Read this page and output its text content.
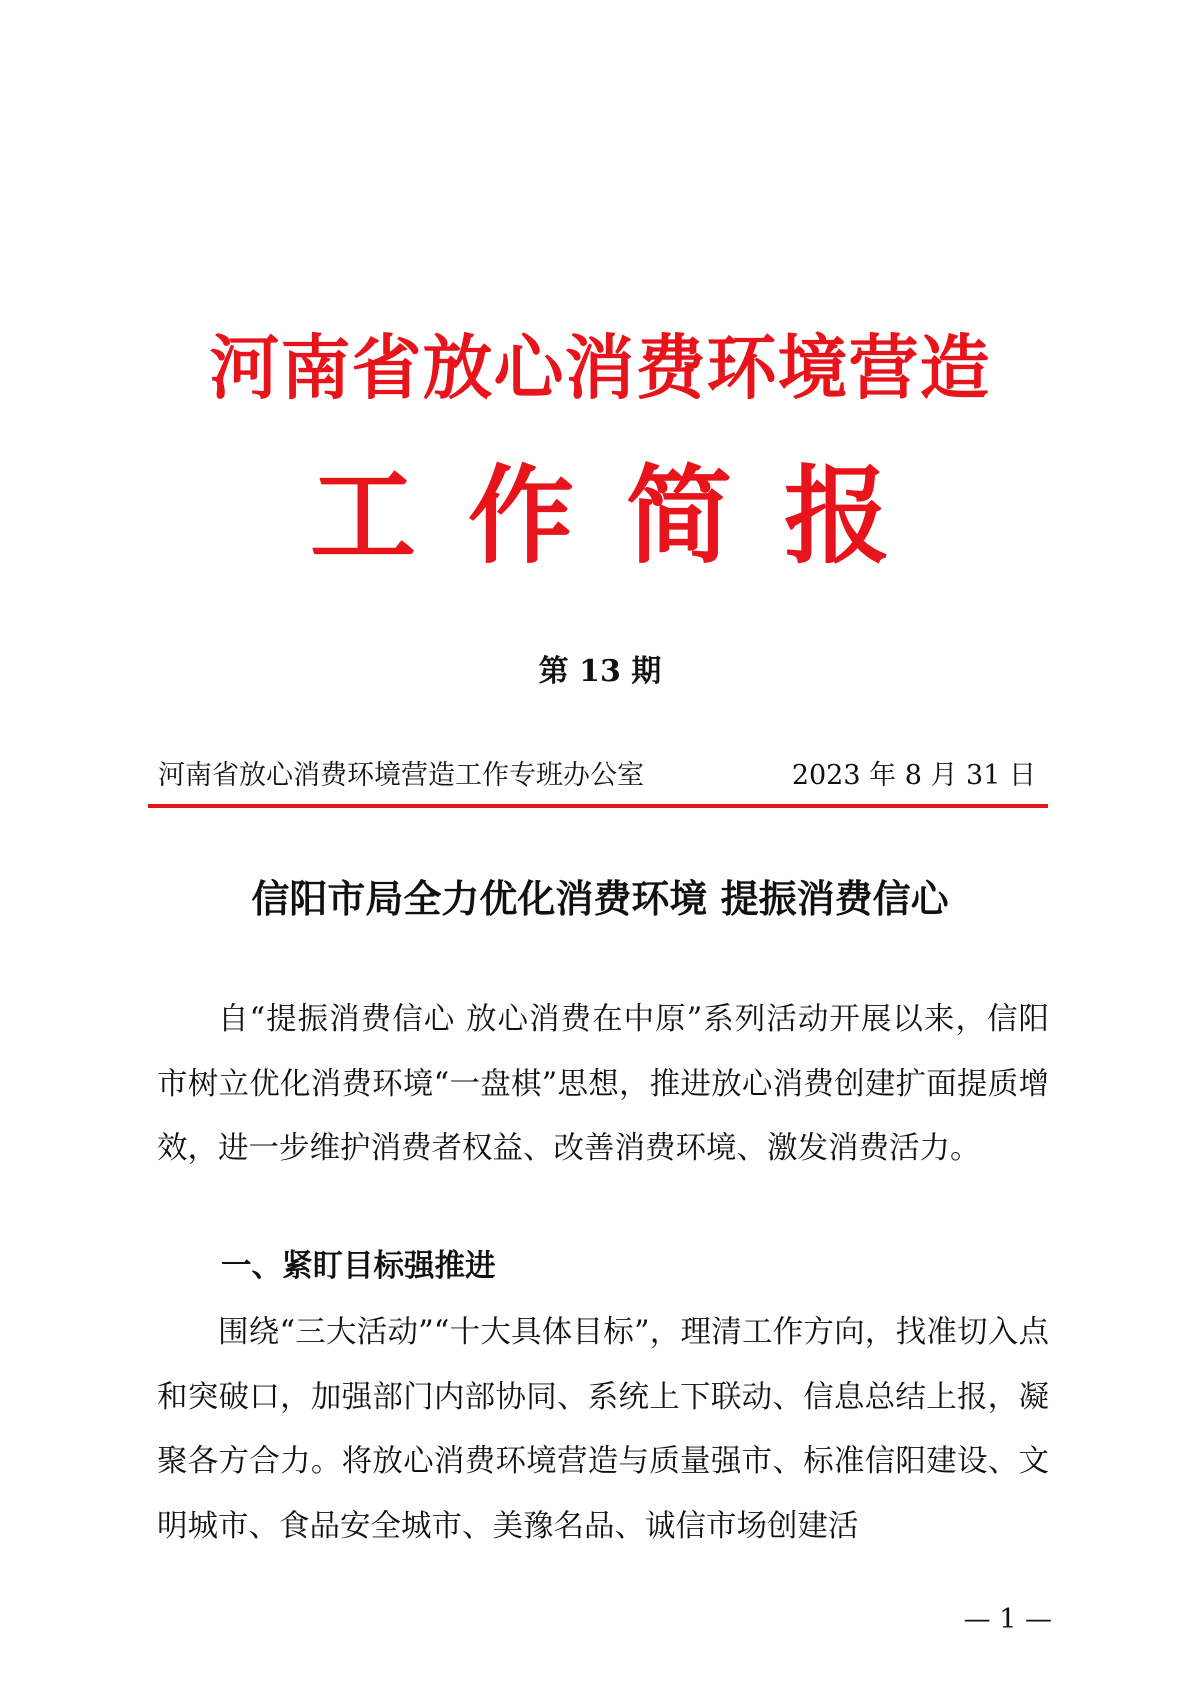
河南省放心消费环境营造
工作简报
第 13 期
河南省放心消费环境营造工作专班办公室	2023 年 8 月 31 日
信阳市局全力优化消费环境 提振消费信心

自“提振消费信心 放心消费在中原”系列活动开展以来，信阳市树立优化消费环境“一盘棋”思想，推进放心消费创建扩面提质增效，进一步维护消费者权益、改善消费环境、激发消费活力。

一、紧盯目标强推进

围绕“三大活动”“十大具体目标”，理清工作方向，找准切入点和突破口，加强部门内部协同、系统上下联动、信息总结上报，凝聚各方合力。将放心消费环境营造与质量强市、标准信阳建设、文明城市、食品安全城市、美豫名品、诚信市场创建活

— 1 —
